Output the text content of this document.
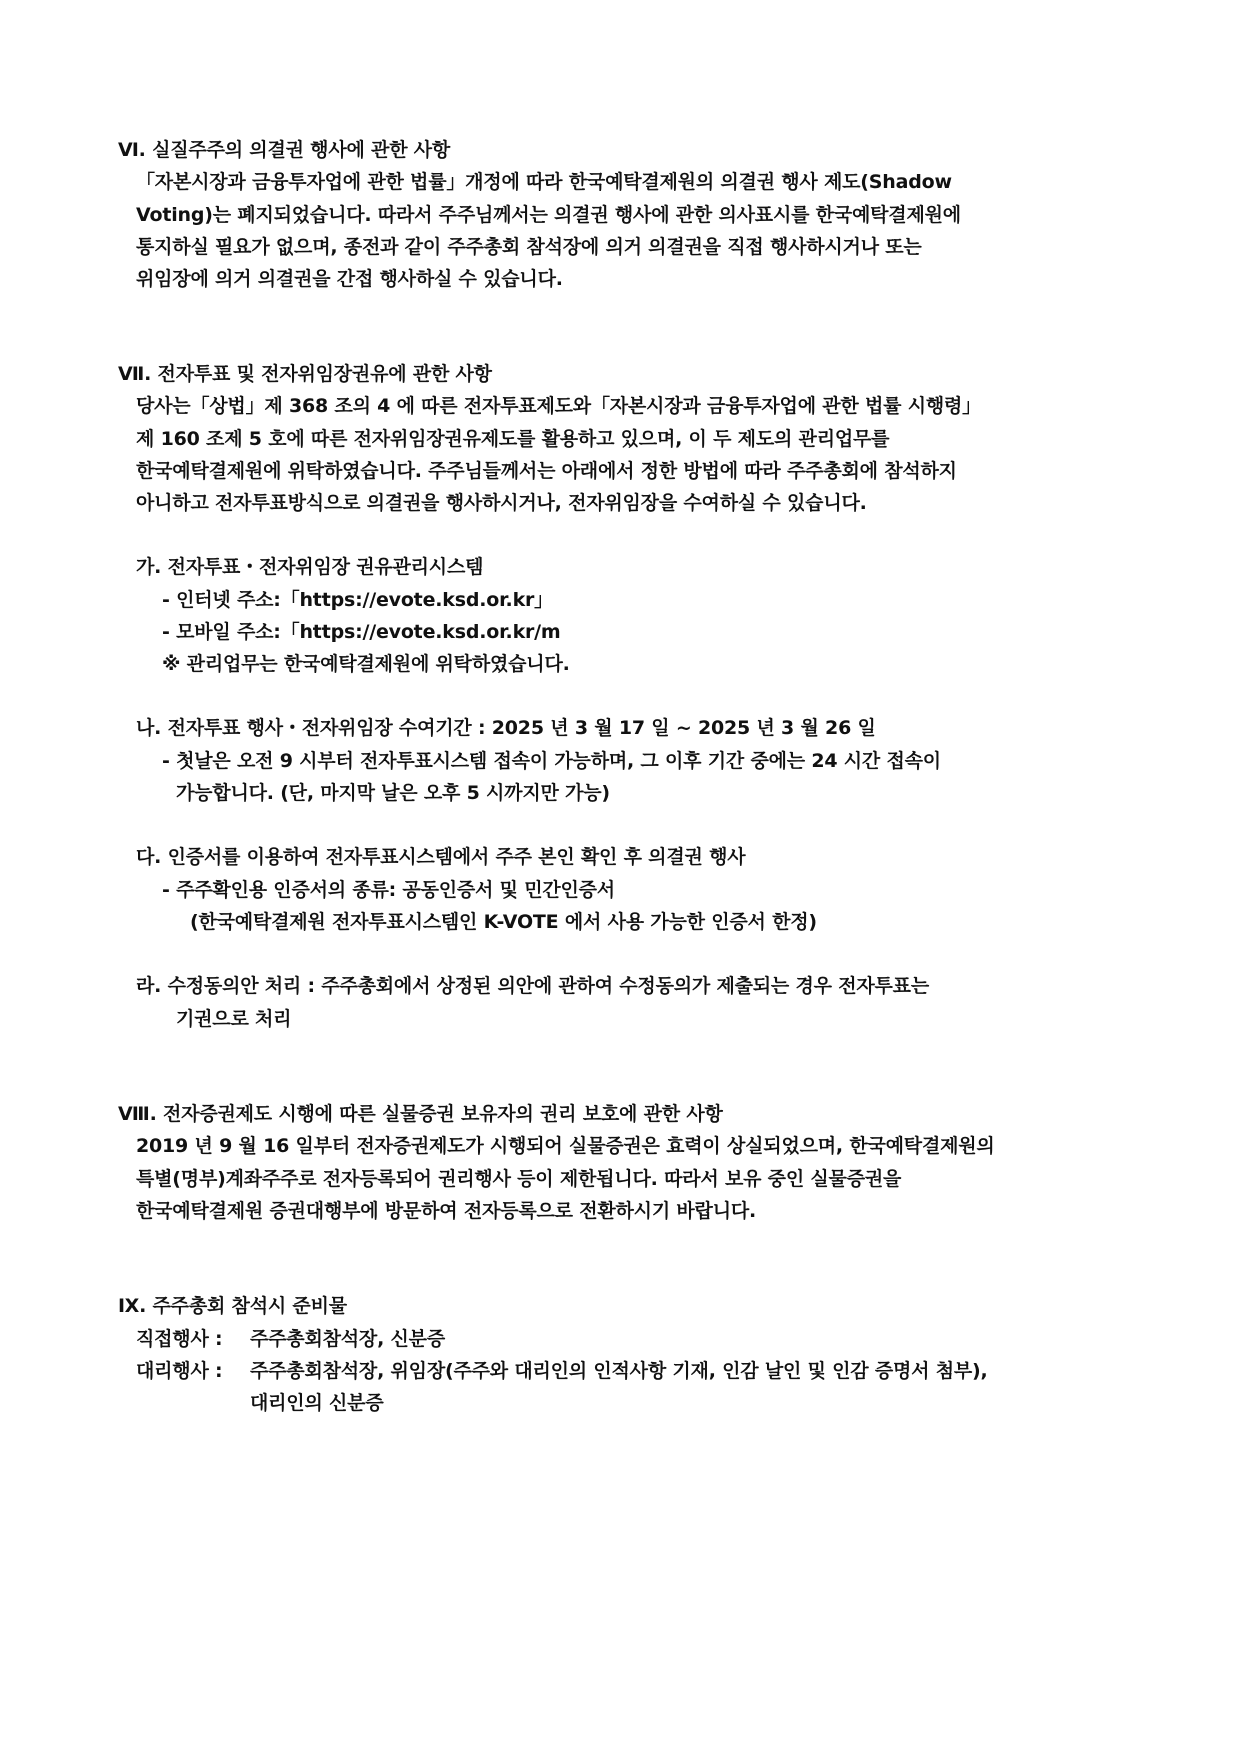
Ⅵ. 실질주주의 의결권 행사에 관한 사항
「자본시장과 금융투자업에 관한 법률」개정에 따라 한국예탁결제원의 의결권 행사 제도(Shadow
Voting)는 폐지되었습니다. 따라서 주주님께서는 의결권 행사에 관한 의사표시를 한국예탁결제원에
통지하실 필요가 없으며, 종전과 같이 주주총회 참석장에 의거 의결권을 직접 행사하시거나 또는
위임장에 의거 의결권을 간접 행사하실 수 있습니다.
Ⅶ. 전자투표 및 전자위임장권유에 관한 사항
당사는「상법」제 368 조의 4 에 따른 전자투표제도와「자본시장과 금융투자업에 관한 법률 시행령」
제 160 조제 5 호에 따른 전자위임장권유제도를 활용하고 있으며, 이 두 제도의 관리업무를
한국예탁결제원에 위탁하였습니다. 주주님들께서는 아래에서 정한 방법에 따라 주주총회에 참석하지
아니하고 전자투표방식으로 의결권을 행사하시거나, 전자위임장을 수여하실 수 있습니다.
가. 전자투표・전자위임장 권유관리시스템
- 인터넷 주소:「https://evote.ksd.or.kr」
- 모바일 주소:「https://evote.ksd.or.kr/m
※ 관리업무는 한국예탁결제원에 위탁하였습니다.
나. 전자투표 행사・전자위임장 수여기간 : 2025 년 3 월 17 일 ~ 2025 년 3 월 26 일
- 첫날은 오전 9 시부터 전자투표시스템 접속이 가능하며, 그 이후 기간 중에는 24 시간 접속이
가능합니다. (단, 마지막 날은 오후 5 시까지만 가능)
다. 인증서를 이용하여 전자투표시스템에서 주주 본인 확인 후 의결권 행사
- 주주확인용 인증서의 종류: 공동인증서 및 민간인증서
(한국예탁결제원 전자투표시스템인 K-VOTE 에서 사용 가능한 인증서 한정)
라. 수정동의안 처리 : 주주총회에서 상정된 의안에 관하여 수정동의가 제출되는 경우 전자투표는
기권으로 처리
Ⅷ. 전자증권제도 시행에 따른 실물증권 보유자의 권리 보호에 관한 사항
2019 년 9 월 16 일부터 전자증권제도가 시행되어 실물증권은 효력이 상실되었으며, 한국예탁결제원의
특별(명부)계좌주주로 전자등록되어 권리행사 등이 제한됩니다. 따라서 보유 중인 실물증권을
한국예탁결제원 증권대행부에 방문하여 전자등록으로 전환하시기 바랍니다.
Ⅸ. 주주총회 참석시 준비물
직접행사 : 주주총회참석장, 신분증
대리행사 : 주주총회참석장, 위임장(주주와 대리인의 인적사항 기재, 인감 날인 및 인감 증명서 첨부),
대리인의 신분증
